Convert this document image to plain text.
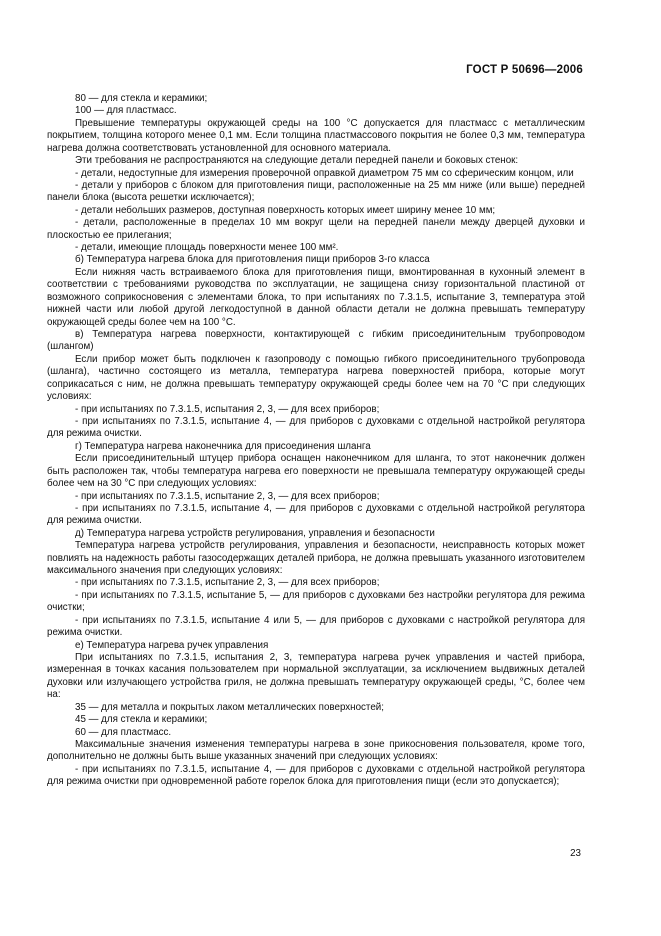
ГОСТ Р 50696—2006

80 — для стекла и керамики;

100 — для пластмасс.

Превышение температуры окружающей среды на 100 °С допускается для пластмасс с металлическим покрытием, толщина которого менее 0,1 мм. Если толщина пластмассового покрытия не более 0,3 мм, температура нагрева должна соответствовать установленной для основного материала.

Эти требования не распространяются на следующие детали передней панели и боковых стенок:

- детали, недоступные для измерения проверочной оправкой диаметром 75 мм со сферическим концом, или

- детали у приборов с блоком для приготовления пищи, расположенные на 25 мм ниже (или выше) передней панели блока (высота решетки исключается);

- детали небольших размеров, доступная поверхность которых имеет ширину менее 10 мм;

- детали, расположенные в пределах 10 мм вокруг щели на передней панели между дверцей духовки и плоскостью ее прилегания;

- детали, имеющие площадь поверхности менее 100 мм².

б) Температура нагрева блока для приготовления пищи приборов 3-го класса

Если нижняя часть встраиваемого блока для приготовления пищи, вмонтированная в кухонный элемент в соответствии с требованиями руководства по эксплуатации, не защищена снизу горизонтальной пластиной от возможного соприкосновения с элементами блока, то при испытаниях по 7.3.1.5, испытание 3, температура этой нижней части или любой другой легкодоступной в данной области детали не должна превышать температуру окружающей среды более чем на 100 °С.

в) Температура нагрева поверхности, контактирующей с гибким присоединительным трубопроводом (шлангом)

Если прибор может быть подключен к газопроводу с помощью гибкого присоединительного трубопровода (шланга), частично состоящего из металла, температура нагрева поверхностей прибора, которые могут соприкасаться с ним, не должна превышать температуру окружающей среды более чем на 70 °С при следующих условиях:

- при испытаниях по 7.3.1.5, испытания 2, 3, — для всех приборов;

- при испытаниях по 7.3.1.5, испытание 4, — для приборов с духовками с отдельной настройкой регулятора для режима очистки.

г) Температура нагрева наконечника для присоединения шланга

Если присоединительный штуцер прибора оснащен наконечником для шланга, то этот наконечник должен быть расположен так, чтобы температура нагрева его поверхности не превышала температуру окружающей среды более чем на 30 °С при следующих условиях:

- при испытаниях по 7.3.1.5, испытание 2, 3, — для всех приборов;

- при испытаниях по 7.3.1.5, испытание 4, — для приборов с духовками с отдельной настройкой регулятора для режима очистки.

д) Температура нагрева устройств регулирования, управления и безопасности

Температура нагрева устройств регулирования, управления и безопасности, неисправность которых может повлиять на надежность работы газосодержащих деталей прибора, не должна превышать указанного изготовителем максимального значения при следующих условиях:

- при испытаниях по 7.3.1.5, испытание 2, 3, — для всех приборов;

- при испытаниях по 7.3.1.5, испытание 5, — для приборов с духовками без настройки регулятора для режима очистки;

- при испытаниях по 7.3.1.5, испытание 4 или 5, — для приборов с духовками с настройкой регулятора для режима очистки.

е) Температура нагрева ручек управления

При испытаниях по 7.3.1.5, испытания 2, 3, температура нагрева ручек управления и частей прибора, измеренная в точках касания пользователем при нормальной эксплуатации, за исключением выдвижных деталей духовки или излучающего устройства гриля, не должна превышать температуру окружающей среды, °С, более чем на:

35 — для металла и покрытых лаком металлических поверхностей;

45 — для стекла и керамики;

60 — для пластмасс.

Максимальные значения изменения температуры нагрева в зоне прикосновения пользователя, кроме того, дополнительно не должны быть выше указанных значений при следующих условиях:

- при испытаниях по 7.3.1.5, испытание 4, — для приборов с духовками с отдельной настройкой регулятора для режима очистки при одновременной работе горелок блока для приготовления пищи (если это допускается);

23
